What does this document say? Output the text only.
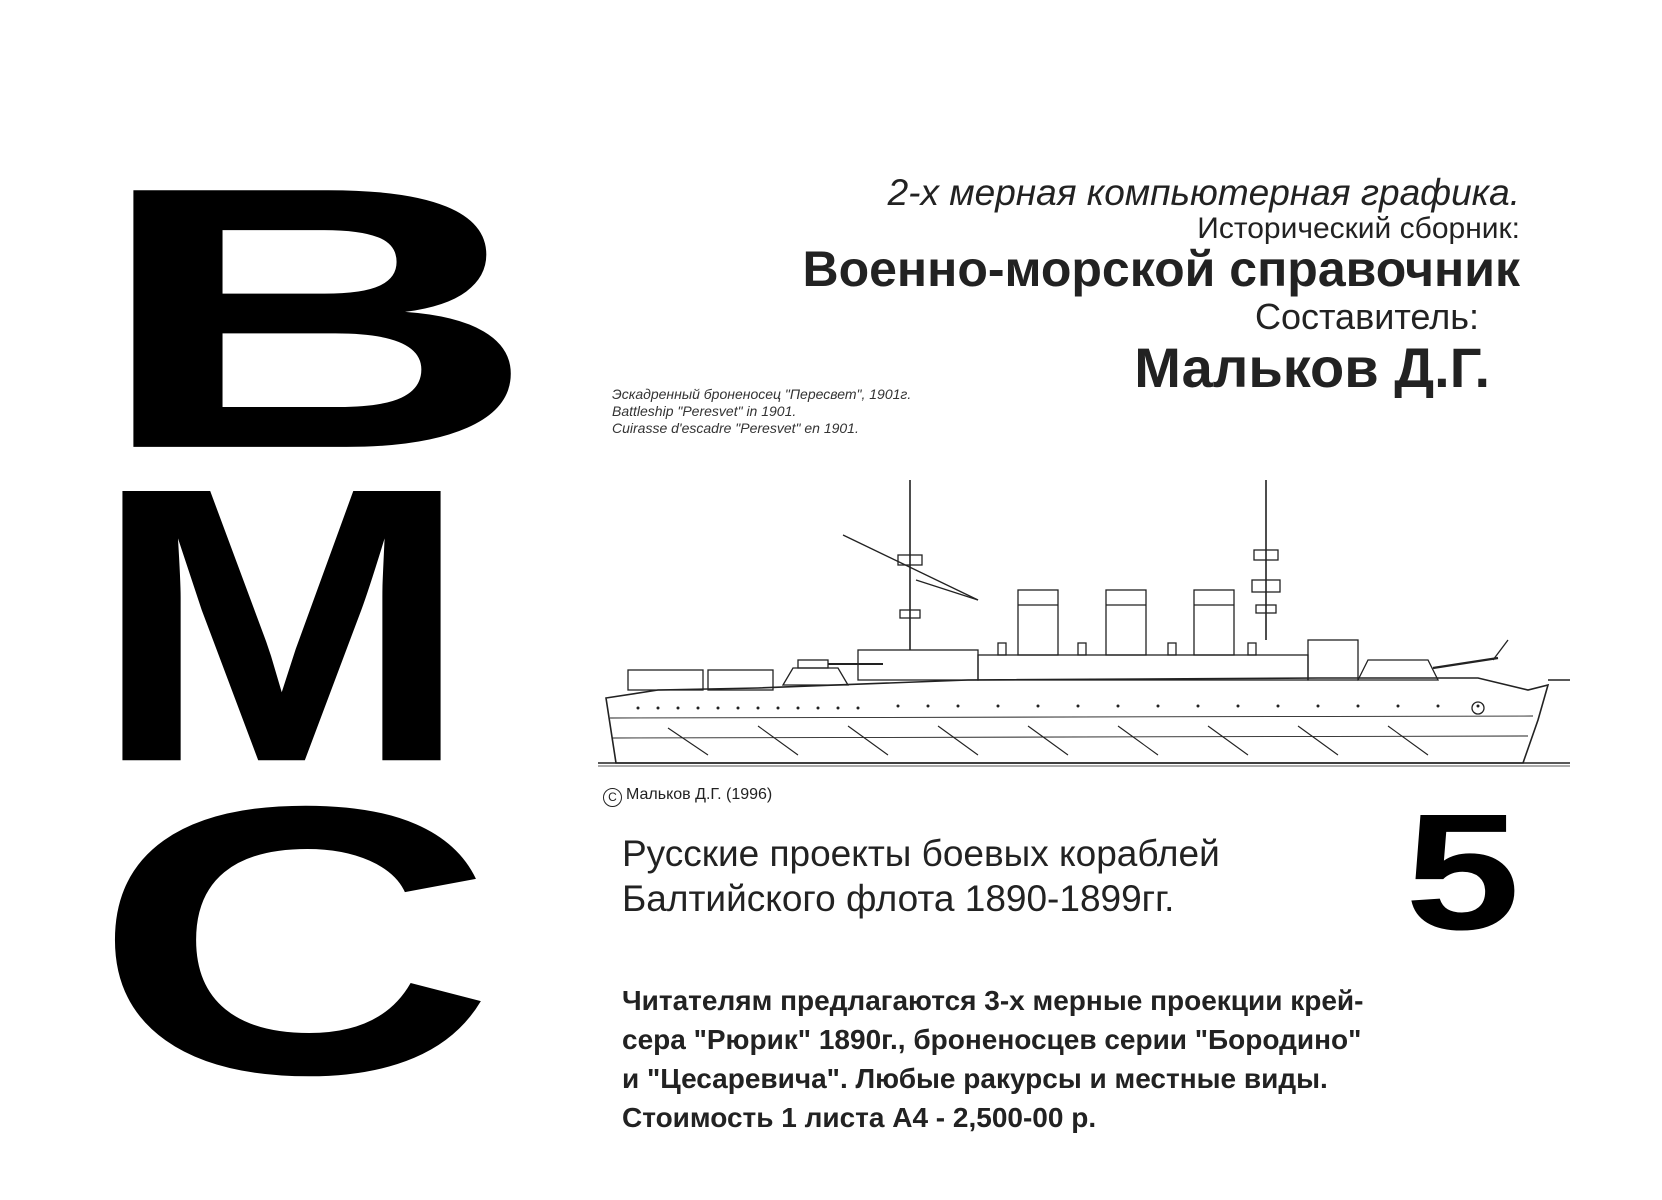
В
М
С
2-х мерная компьютерная графика.
Исторический сборник:
Военно-морской справочник
Составитель:
Мальков Д.Г.
Эскадренный броненосец "Пересвет", 1901г.
Battleship "Peresvet" in 1901.
Cuirasse d'escadre "Peresvet" en 1901.
C Мальков Д.Г. (1996)
Русские проекты боевых кораблей
Балтийского флота 1890-1899гг. 5
Читателям предлагаются 3-х мерные проекции крей-
сера "Рюрик" 1890г., броненосцев серии "Бородино"
и "Цесаревича". Любые ракурсы и местные виды.
Стоимость 1 листа А4 - 2,500-00 р.
